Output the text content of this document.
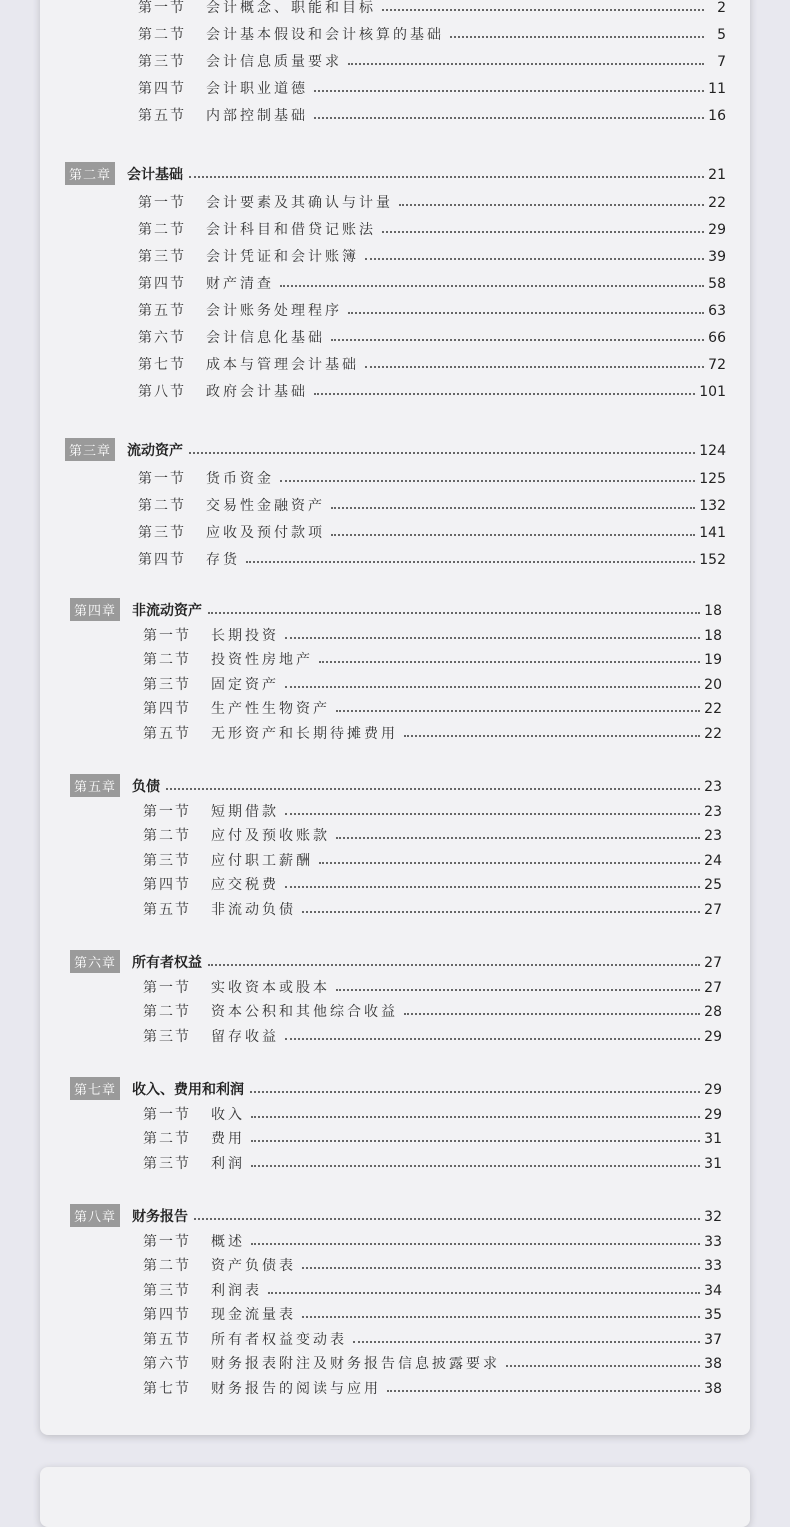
第一节	会计概念、职能和目标	2
第二节	会计基本假设和会计核算的基础	5
第三节	会计信息质量要求	7
第四节	会计职业道德	11
第五节	内部控制基础	16
第二章 会计基础	21
第一节	会计要素及其确认与计量	22
第二节	会计科目和借贷记账法	29
第三节	会计凭证和会计账簿	39
第四节	财产清查	58
第五节	会计账务处理程序	63
第六节	会计信息化基础	66
第七节	成本与管理会计基础	72
第八节	政府会计基础	101
第三章 流动资产	124
第一节	货币资金	125
第二节	交易性金融资产	132
第三节	应收及预付款项	141
第四节	存货	152
第四章 非流动资产	18
第一节	长期投资	18
第二节	投资性房地产	19
第三节	固定资产	20
第四节	生产性生物资产	22
第五节	无形资产和长期待摊费用	22
第五章 负债	23
第一节	短期借款	23
第二节	应付及预收账款	23
第三节	应付职工薪酬	24
第四节	应交税费	25
第五节	非流动负债	27
第六章 所有者权益	27
第一节	实收资本或股本	27
第二节	资本公积和其他综合收益	28
第三节	留存收益	29
第七章 收入、费用和利润	29
第一节	收入	29
第二节	费用	31
第三节	利润	31
第八章 财务报告	32
第一节	概述	33
第二节	资产负债表	33
第三节	利润表	34
第四节	现金流量表	35
第五节	所有者权益变动表	37
第六节	财务报表附注及财务报告信息披露要求	38
第七节	财务报告的阅读与应用	38
